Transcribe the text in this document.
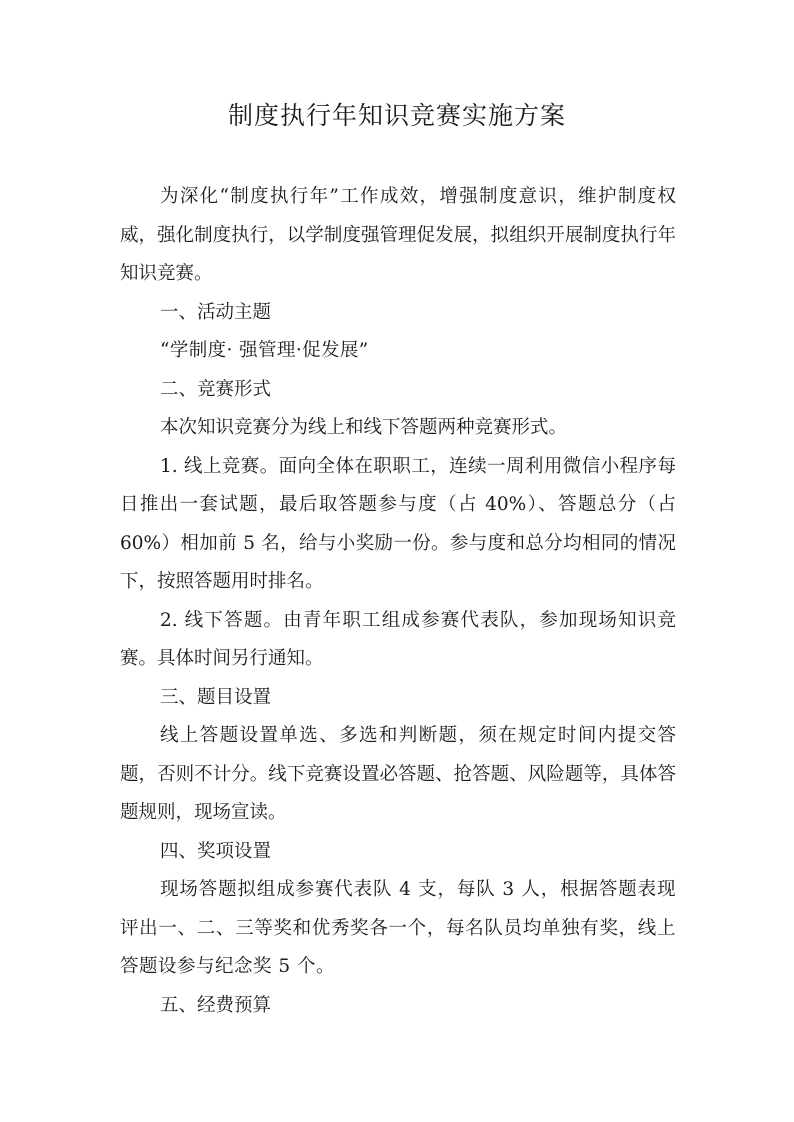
制度执行年知识竞赛实施方案

为深化“制度执行年”工作成效，增强制度意识，维护制度权威，强化制度执行，以学制度强管理促发展，拟组织开展制度执行年知识竞赛。

一、活动主题

“学制度· 强管理·促发展”

二、竞赛形式

本次知识竞赛分为线上和线下答题两种竞赛形式。

1. 线上竞赛。面向全体在职职工，连续一周利用微信小程序每日推出一套试题，最后取答题参与度（占 40%）、答题总分（占 60%）相加前 5 名，给与小奖励一份。参与度和总分均相同的情况下，按照答题用时排名。

2. 线下答题。由青年职工组成参赛代表队，参加现场知识竞赛。具体时间另行通知。

三、题目设置

线上答题设置单选、多选和判断题，须在规定时间内提交答题，否则不计分。线下竞赛设置必答题、抢答题、风险题等，具体答题规则，现场宣读。

四、奖项设置

现场答题拟组成参赛代表队 4 支，每队 3 人，根据答题表现评出一、二、三等奖和优秀奖各一个，每名队员均单独有奖，线上答题设参与纪念奖 5 个。

五、经费预算
